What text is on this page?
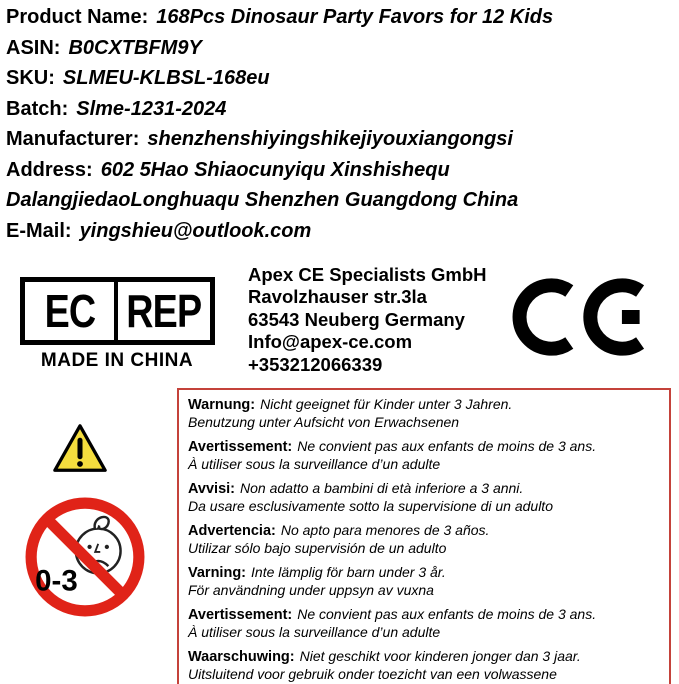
Product Name: 168Pcs Dinosaur Party Favors for 12 Kids
ASIN: B0CXTBFM9Y
SKU: SLMEU-KLBSL-168eu
Batch: Slme-1231-2024
Manufacturer: shenzhenshiyingshikejiyouxiangongsi
Address: 602 5Hao Shiaocunyiqu Xinshishequ
DalangjiedaoLonghuaqu Shenzhen Guangdong China
E-Mail: yingshieu@outlook.com
EC REP
MADE IN CHINA
Apex CE Specialists GmbH
Ravolzhauser str.3la
63543 Neuberg Germany
Info@apex-ce.com
+353212066339
0-3
Warnung: Nicht geeignet für Kinder unter 3 Jahren.
Benutzung unter Aufsicht von Erwachsenen
Avertissement: Ne convient pas aux enfants de moins de 3 ans.
À utiliser sous la surveillance d’un adulte
Avvisi: Non adatto a bambini di età inferiore a 3 anni.
Da usare esclusivamente sotto la supervisione di un adulto
Advertencia: No apto para menores de 3 años.
Utilizar sólo bajo supervisión de un adulto
Varning: Inte lämplig för barn under 3 år.
För användning under uppsyn av vuxna
Avertissement: Ne convient pas aux enfants de moins de 3 ans.
À utiliser sous la surveillance d’un adulte
Waarschuwing: Niet geschikt voor kinderen jonger dan 3 jaar.
Uitsluitend voor gebruik onder toezicht van een volwassene
